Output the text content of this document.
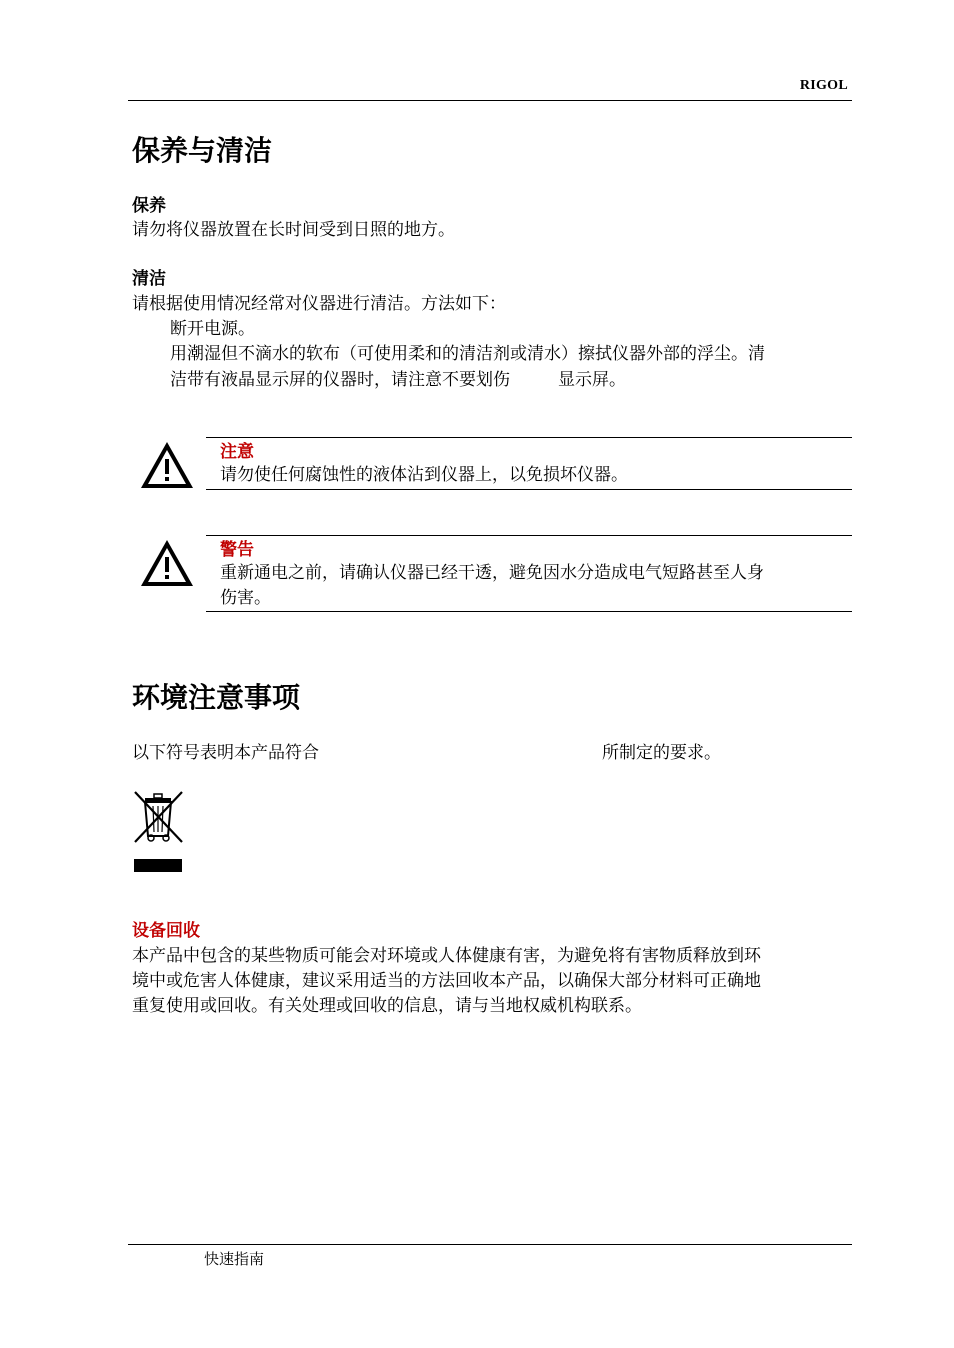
RIGOL
保养与清洁
保养
请勿将仪器放置在长时间受到日照的地方。
清洁
请根据使用情况经常对仪器进行清洁。方法如下：
断开电源。
用潮湿但不滴水的软布（可使用柔和的清洁剂或清水）擦拭仪器外部的浮尘。清
洁带有液晶显示屏的仪器时，请注意不要划伤	显示屏。
注意
请勿使任何腐蚀性的液体沾到仪器上，以免损坏仪器。
警告
重新通电之前，请确认仪器已经干透，避免因水分造成电气短路甚至人身
伤害。
环境注意事项
以下符号表明本产品符合	所制定的要求。
设备回收
本产品中包含的某些物质可能会对环境或人体健康有害，为避免将有害物质释放到环
境中或危害人体健康，建议采用适当的方法回收本产品，以确保大部分材料可正确地
重复使用或回收。有关处理或回收的信息，请与当地权威机构联系。
快速指南
